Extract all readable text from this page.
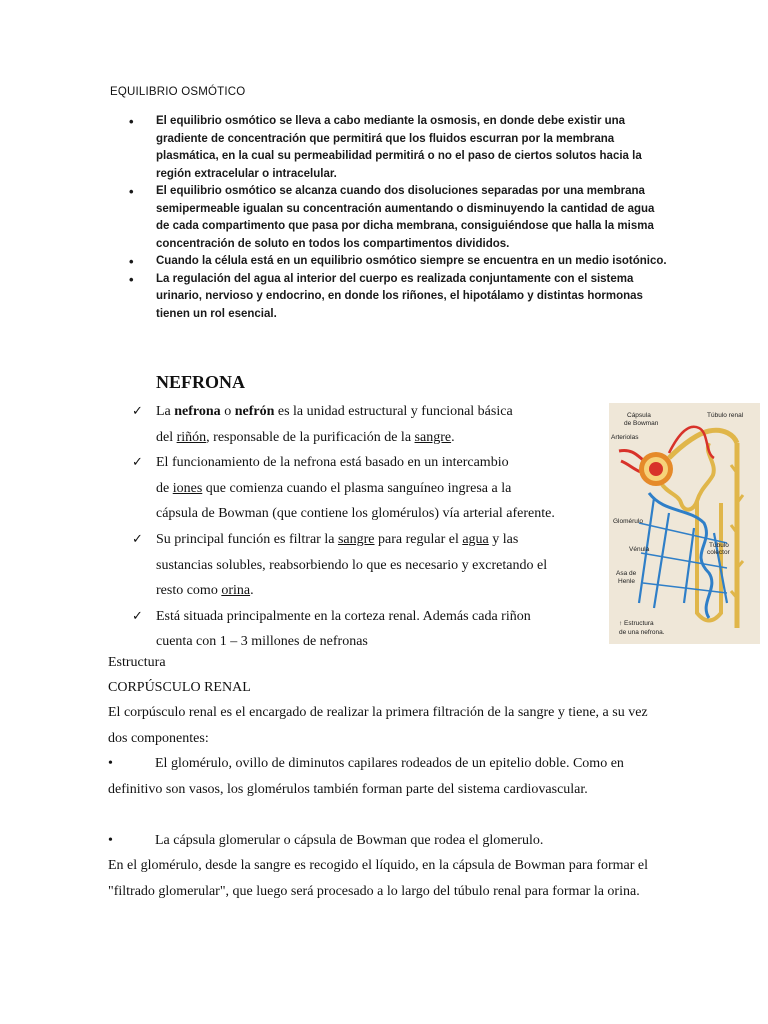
EQUILIBRIO OSMÓTICO
• El equilibrio osmótico se lleva a cabo mediante la osmosis, en donde debe existir una gradiente de concentración que permitirá que los fluidos escurran por la membrana plasmática, en la cual su permeabilidad permitirá o no el paso de ciertos solutos hacia la región extracelular o intracelular.
• El equilibrio osmótico se alcanza cuando dos disoluciones separadas por una membrana semipermeable igualan su concentración aumentando o disminuyendo la cantidad de agua de cada compartimento que pasa por dicha membrana, consiguiéndose que halla la misma concentración de soluto en todos los compartimentos divididos.
• Cuando la célula está en un equilibrio osmótico siempre se encuentra en un medio isotónico.
• La regulación del agua al interior del cuerpo es realizada conjuntamente con el sistema urinario, nervioso y endocrino, en donde los riñones, el hipotálamo y distintas hormonas tienen un rol esencial.
NEFRONA
✓ La nefrona o nefrón es la unidad estructural y funcional básica
del riñón, responsable de la purificación de la sangre.
✓ El funcionamiento de la nefrona está basado en un intercambio
de iones que comienza cuando el plasma sanguíneo ingresa a la
cápsula de Bowman (que contiene los glomérulos) vía arterial aferente.
✓ Su principal función es filtrar la sangre para regular el agua y las
sustancias solubles, reabsorbiendo lo que es necesario y excretando el
resto como orina.
✓ Está situada principalmente en la corteza renal. Además cada riñon
cuenta con 1 – 3 millones de nefronas
Cápsula
de Bowman
Túbulo renal
Arteriolas
Glomérulo
Vénula
Túbulo
colector
Asa de
Henle
↑ Estructura
de una nefrona.
Estructura
CORPÚSCULO RENAL
El corpúsculo renal es el encargado de realizar la primera filtración de la sangre y tiene, a su vez dos componentes:
•	El glomérulo, ovillo de diminutos capilares rodeados de un epitelio doble. Como en definitivo son vasos, los glomérulos también forman parte del sistema cardiovascular.
•	La cápsula glomerular o cápsula de Bowman que rodea el glomerulo.
En el glomérulo, desde la sangre es recogido el líquido, en la cápsula de Bowman para formar el "filtrado glomerular", que luego será procesado a lo largo del túbulo renal para formar la orina.
